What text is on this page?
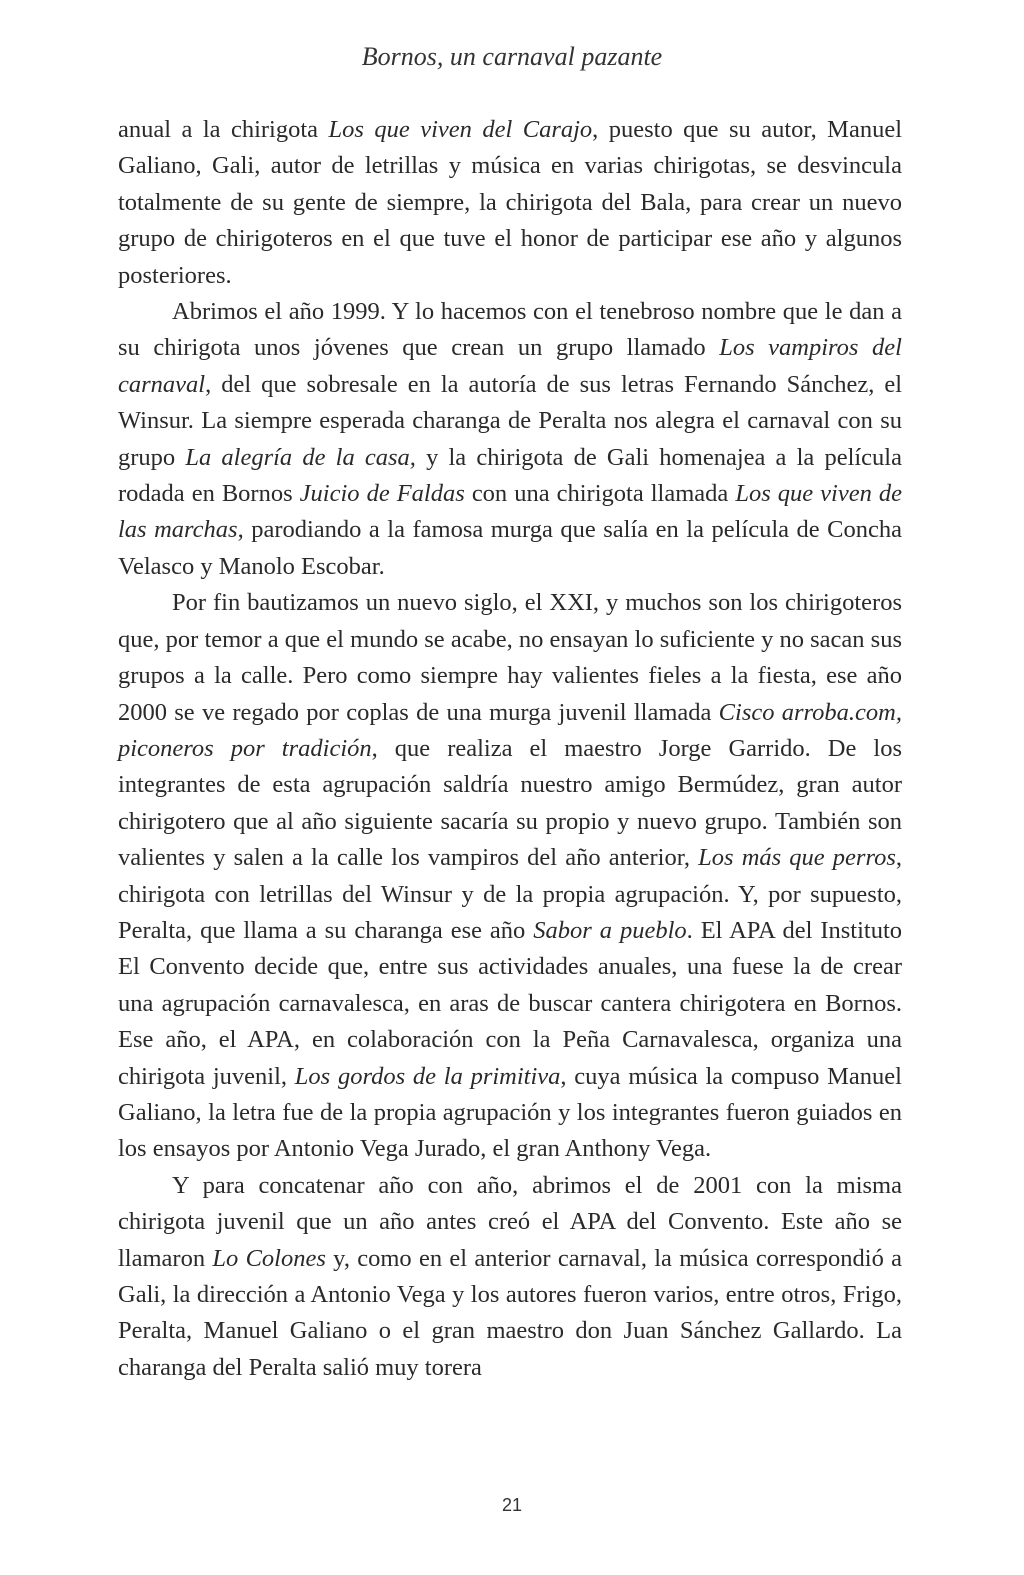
Bornos, un carnaval pazante

anual a la chirigota Los que viven del Carajo, puesto que su autor, Manuel Galiano, Gali, autor de letrillas y música en varias chirigotas, se desvincula totalmente de su gente de siempre, la chirigota del Bala, para crear un nuevo grupo de chirigoteros en el que tuve el honor de participar ese año y algunos posteriores.

Abrimos el año 1999. Y lo hacemos con el tenebroso nombre que le dan a su chirigota unos jóvenes que crean un grupo llamado Los vampiros del carnaval, del que sobresale en la autoría de sus letras Fernando Sánchez, el Winsur. La siempre esperada charanga de Peralta nos alegra el carnaval con su grupo La alegría de la casa, y la chirigota de Gali homenajea a la película rodada en Bornos Juicio de Faldas con una chirigota llamada Los que viven de las marchas, parodiando a la famosa murga que salía en la película de Concha Velasco y Manolo Escobar.

Por fin bautizamos un nuevo siglo, el XXI, y muchos son los chirigoteros que, por temor a que el mundo se acabe, no ensayan lo suficiente y no sacan sus grupos a la calle. Pero como siempre hay valientes fieles a la fiesta, ese año 2000 se ve regado por coplas de una murga juvenil llamada Cisco arroba.com, piconeros por tradición, que realiza el maestro Jorge Garrido. De los integrantes de esta agrupación saldría nuestro amigo Bermúdez, gran autor chirigotero que al año siguiente sacaría su propio y nuevo grupo. También son valientes y salen a la calle los vampiros del año anterior, Los más que perros, chirigota con letrillas del Winsur y de la propia agrupación. Y, por supuesto, Peralta, que llama a su charanga ese año Sabor a pueblo. El APA del Instituto El Convento decide que, entre sus actividades anuales, una fuese la de crear una agrupación carnavalesca, en aras de buscar cantera chirigotera en Bornos. Ese año, el APA, en colaboración con la Peña Carnavalesca, organiza una chirigota juvenil, Los gordos de la primitiva, cuya música la compuso Manuel Galiano, la letra fue de la propia agrupación y los integrantes fueron guiados en los ensayos por Antonio Vega Jurado, el gran Anthony Vega.

Y para concatenar año con año, abrimos el de 2001 con la misma chirigota juvenil que un año antes creó el APA del Convento. Este año se llamaron Lo Colones y, como en el anterior carnaval, la música correspondió a Gali, la dirección a Antonio Vega y los autores fueron varios, entre otros, Frigo, Peralta, Manuel Galiano o el gran maestro don Juan Sánchez Gallardo. La charanga del Peralta salió muy torera

21
